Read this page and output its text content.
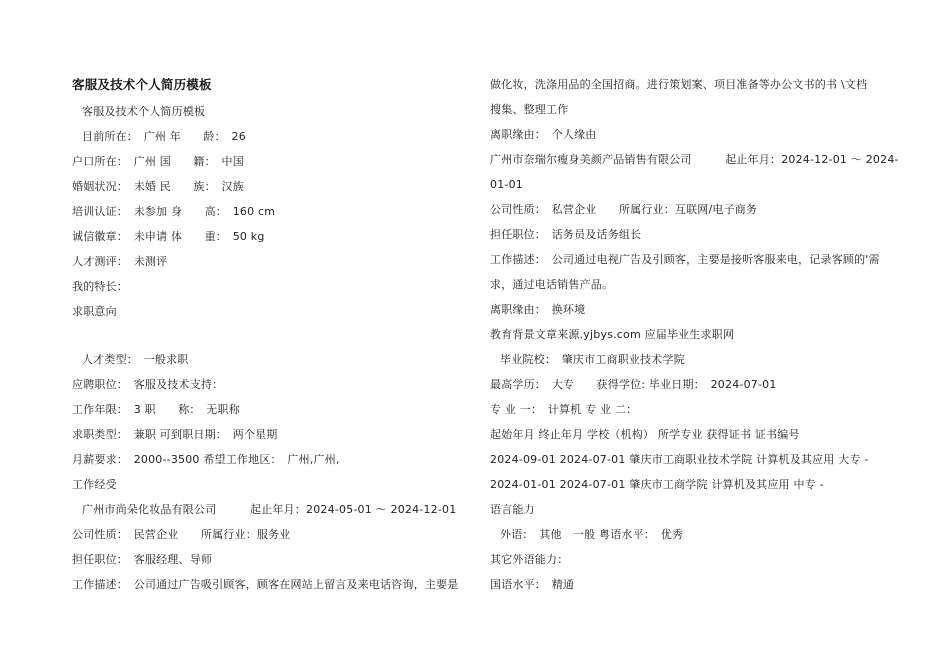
客服及技术个人简历模板
客服及技术个人简历模板
目前所在：　广州 年　　龄：　26
户口所在：　广州 国　　籍：　中国
婚姻状况：　未婚 民　　族：　汉族
培训认证：　未参加 身　　高：　160 cm
诚信徽章：　未申请 体　　重：　50 kg
人才测评：　未测评
我的特长：
求职意向
人才类型：　一般求职
应聘职位：　客服及技术支持：
工作年限：　3 职　　称：　无职称
求职类型：　兼职 可到职日期：　两个星期
月薪要求：　2000--3500 希望工作地区：　广州,广州,
工作经受
广州市尚朵化妆品有限公司　　　起止年月：2024-05-01 ～ 2024-12-01
公司性质：　民营企业　　所属行业：服务业
担任职位：　客服经理、导师
工作描述：　公司通过广告吸引顾客，顾客在网站上留言及来电话咨询，主要是
做化妆，洗涤用品的全国招商。进行策划案、项目准备等办公文书的书 \文档
搜集、整理工作
离职缘由：　个人缘由
广州市奈瑞尔瘦身美颜产品销售有限公司　　　起止年月：2024-12-01 ～ 2024-
01-01
公司性质：　私营企业　　所属行业：互联网/电子商务
担任职位：　话务员及话务组长
工作描述：　公司通过电视广告及引顾客，主要是接听客服来电，记录客顾的'需
求，通过电话销售产品。
离职缘由：　换环境
教育背景文章来源.yjbys.com 应届毕业生求职网
毕业院校：　肇庆市工商职业技术学院
最高学历：　大专　　获得学位: 毕业日期：　2024-07-01
专 业 一：　计算机 专 业 二：
起始年月 终止年月 学校（机构） 所学专业 获得证书 证书编号
2024-09-01 2024-07-01 肇庆市工商职业技术学院 计算机及其应用 大专 -
2024-01-01 2024-07-01 肇庆市工商学院 计算机及其应用 中专 -
语言能力
外语：　其他　一般 粤语水平：　优秀
其它外语能力：
国语水平：　精通
